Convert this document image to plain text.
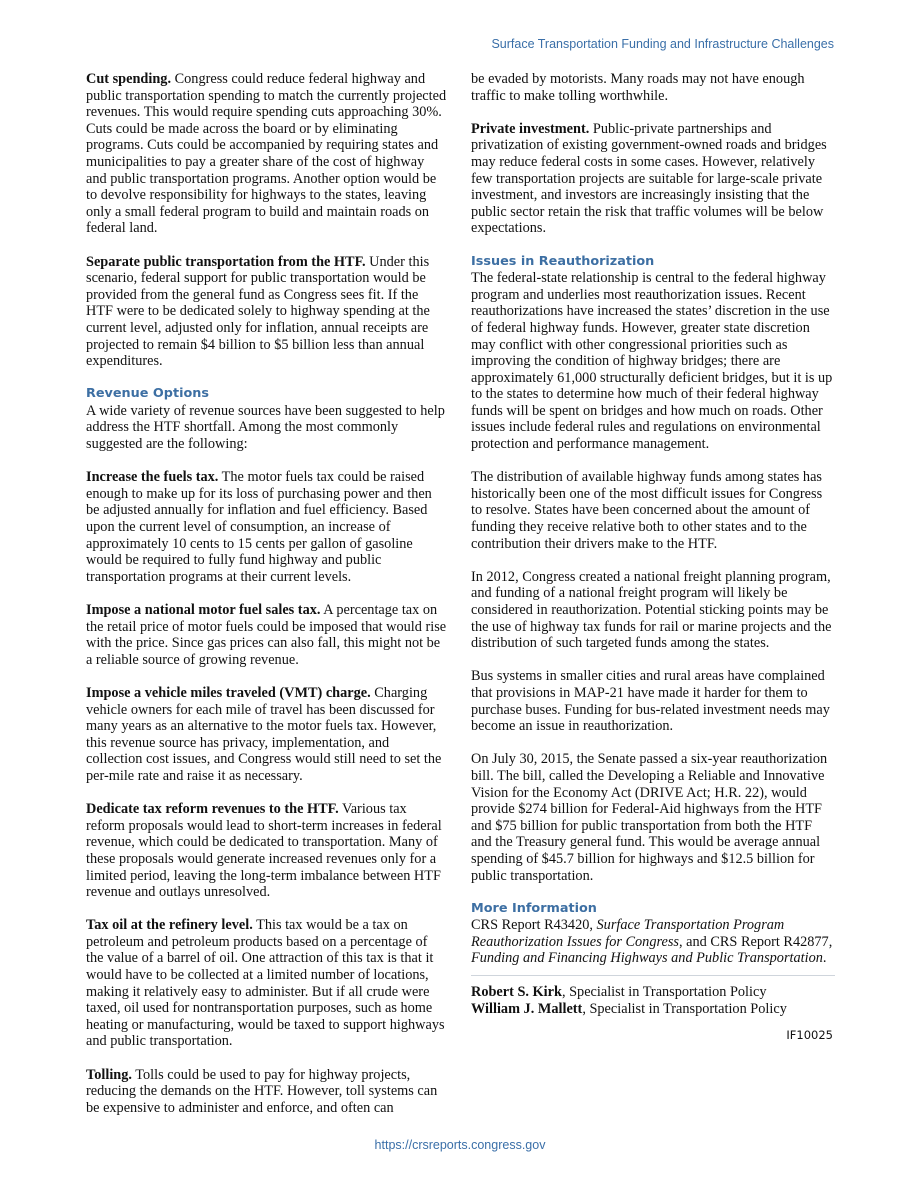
Surface Transportation Funding and Infrastructure Challenges

Cut spending. Congress could reduce federal highway and public transportation spending to match the currently projected revenues. This would require spending cuts approaching 30%. Cuts could be made across the board or by eliminating programs. Cuts could be accompanied by requiring states and municipalities to pay a greater share of the cost of highway and public transportation programs. Another option would be to devolve responsibility for highways to the states, leaving only a small federal program to build and maintain roads on federal land.

Separate public transportation from the HTF. Under this scenario, federal support for public transportation would be provided from the general fund as Congress sees fit. If the HTF were to be dedicated solely to highway spending at the current level, adjusted only for inflation, annual receipts are projected to remain $4 billion to $5 billion less than annual expenditures.

Revenue Options

A wide variety of revenue sources have been suggested to help address the HTF shortfall. Among the most commonly suggested are the following:

Increase the fuels tax. The motor fuels tax could be raised enough to make up for its loss of purchasing power and then be adjusted annually for inflation and fuel efficiency. Based upon the current level of consumption, an increase of approximately 10 cents to 15 cents per gallon of gasoline would be required to fully fund highway and public transportation programs at their current levels.

Impose a national motor fuel sales tax. A percentage tax on the retail price of motor fuels could be imposed that would rise with the price. Since gas prices can also fall, this might not be a reliable source of growing revenue.

Impose a vehicle miles traveled (VMT) charge. Charging vehicle owners for each mile of travel has been discussed for many years as an alternative to the motor fuels tax. However, this revenue source has privacy, implementation, and collection cost issues, and Congress would still need to set the per-mile rate and raise it as necessary.

Dedicate tax reform revenues to the HTF. Various tax reform proposals would lead to short-term increases in federal revenue, which could be dedicated to transportation. Many of these proposals would generate increased revenues only for a limited period, leaving the long-term imbalance between HTF revenue and outlays unresolved.

Tax oil at the refinery level. This tax would be a tax on petroleum and petroleum products based on a percentage of the value of a barrel of oil. One attraction of this tax is that it would have to be collected at a limited number of locations, making it relatively easy to administer. But if all crude were taxed, oil used for nontransportation purposes, such as home heating or manufacturing, would be taxed to support highways and public transportation.

Tolling. Tolls could be used to pay for highway projects, reducing the demands on the HTF. However, toll systems can be expensive to administer and enforce, and often can

be evaded by motorists. Many roads may not have enough traffic to make tolling worthwhile.

Private investment. Public-private partnerships and privatization of existing government-owned roads and bridges may reduce federal costs in some cases. However, relatively few transportation projects are suitable for large-scale private investment, and investors are increasingly insisting that the public sector retain the risk that traffic volumes will be below expectations.

Issues in Reauthorization

The federal-state relationship is central to the federal highway program and underlies most reauthorization issues. Recent reauthorizations have increased the states’ discretion in the use of federal highway funds. However, greater state discretion may conflict with other congressional priorities such as improving the condition of highway bridges; there are approximately 61,000 structurally deficient bridges, but it is up to the states to determine how much of their federal highway funds will be spent on bridges and how much on roads. Other issues include federal rules and regulations on environmental protection and performance management.

The distribution of available highway funds among states has historically been one of the most difficult issues for Congress to resolve. States have been concerned about the amount of funding they receive relative both to other states and to the contribution their drivers make to the HTF.

In 2012, Congress created a national freight planning program, and funding of a national freight program will likely be considered in reauthorization. Potential sticking points may be the use of highway tax funds for rail or marine projects and the distribution of such targeted funds among the states.

Bus systems in smaller cities and rural areas have complained that provisions in MAP-21 have made it harder for them to purchase buses. Funding for bus-related investment needs may become an issue in reauthorization.

On July 30, 2015, the Senate passed a six-year reauthorization bill. The bill, called the Developing a Reliable and Innovative Vision for the Economy Act (DRIVE Act; H.R. 22), would provide $274 billion for Federal-Aid highways from the HTF and $75 billion for public transportation from both the HTF and the Treasury general fund. This would be average annual spending of $45.7 billion for highways and $12.5 billion for public transportation.

More Information

CRS Report R43420, Surface Transportation Program Reauthorization Issues for Congress, and CRS Report R42877, Funding and Financing Highways and Public Transportation.

Robert S. Kirk, Specialist in Transportation Policy

William J. Mallett, Specialist in Transportation Policy

IF10025
https://crsreports.congress.gov
